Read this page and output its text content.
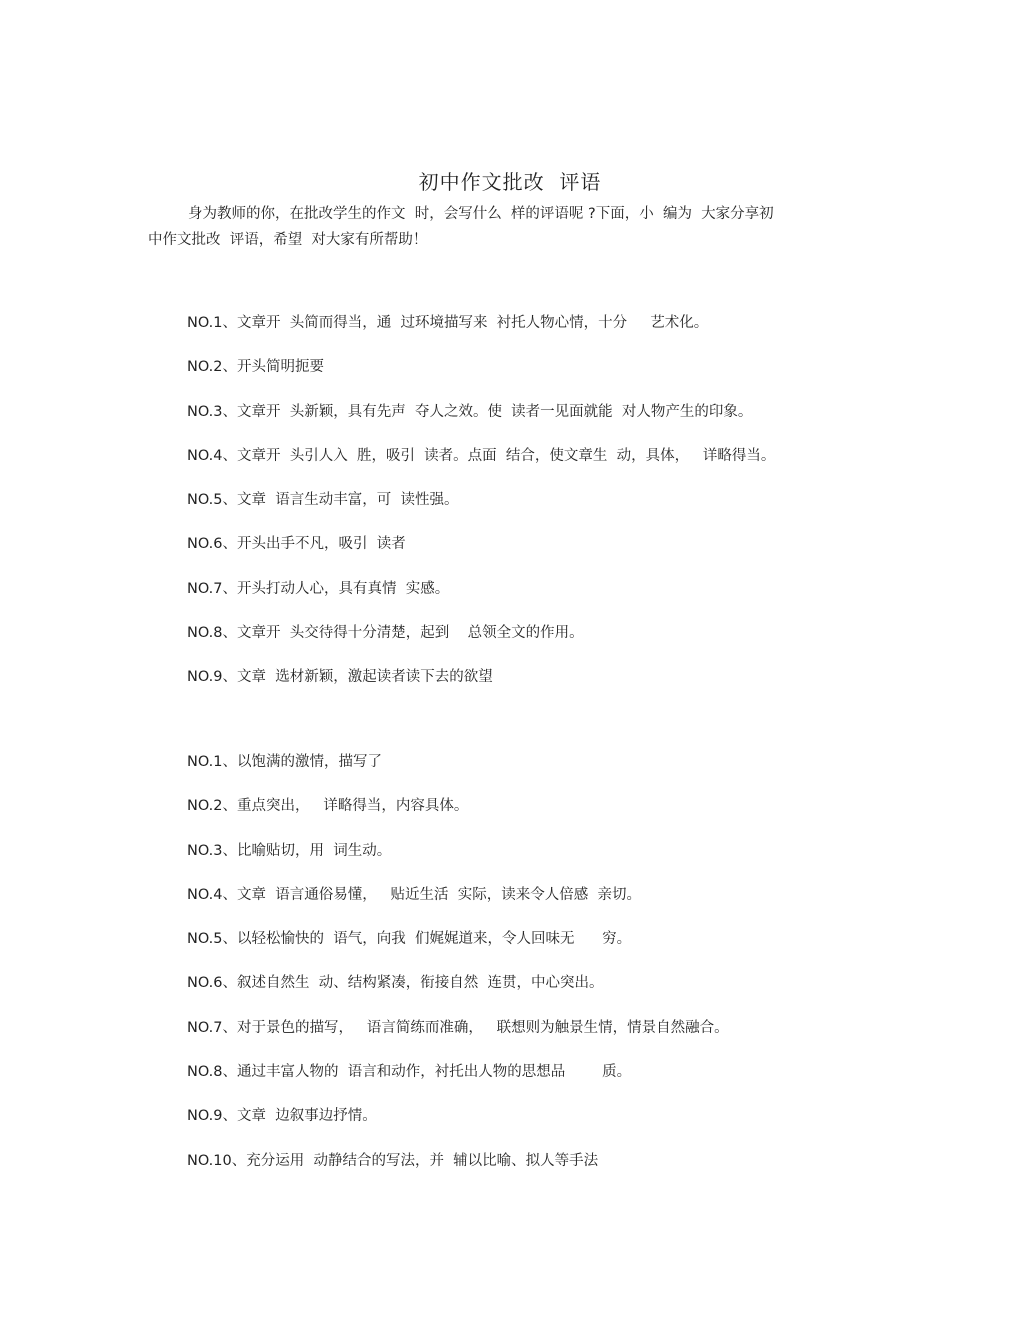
初中作文批改  评语

身为教师的你，在批改学生的作文  时，会写什么  样的评语呢 ?下面，小  编为  大家分享初

中作文批改  评语，希望  对大家有所帮助！

NO.1、文章开  头简而得当，通  过环境描写来  衬托人物心情，十分     艺术化。
NO.2、开头简明扼要
NO.3、文章开  头新颖，具有先声  夺人之效。使  读者一见面就能  对人物产生的印象。
NO.4、文章开  头引人入  胜，吸引  读者。点面  结合，使文章生  动，具体，   详略得当。
NO.5、文章  语言生动丰富，可  读性强。
NO.6、开头出手不凡，吸引  读者
NO.7、开头打动人心，具有真情  实感。
NO.8、文章开  头交待得十分清楚，起到    总领全文的作用。
NO.9、文章  选材新颖，激起读者读下去的欲望
NO.1、以饱满的激情，描写了
NO.2、重点突出，   详略得当，内容具体。
NO.3、比喻贴切，用  词生动。
NO.4、文章  语言通俗易懂，   贴近生活  实际，读来令人倍感  亲切。
NO.5、以轻松愉快的  语气，向我  们娓娓道来，令人回味无      穷。
NO.6、叙述自然生  动、结构紧凑，衔接自然  连贯，中心突出。
NO.7、对于景色的描写，   语言简练而准确，   联想则为触景生情，情景自然融合。
NO.8、通过丰富人物的  语言和动作，衬托出人物的思想品        质。
NO.9、文章  边叙事边抒情。
NO.10、充分运用  动静结合的写法，并  辅以比喻、拟人等手法
